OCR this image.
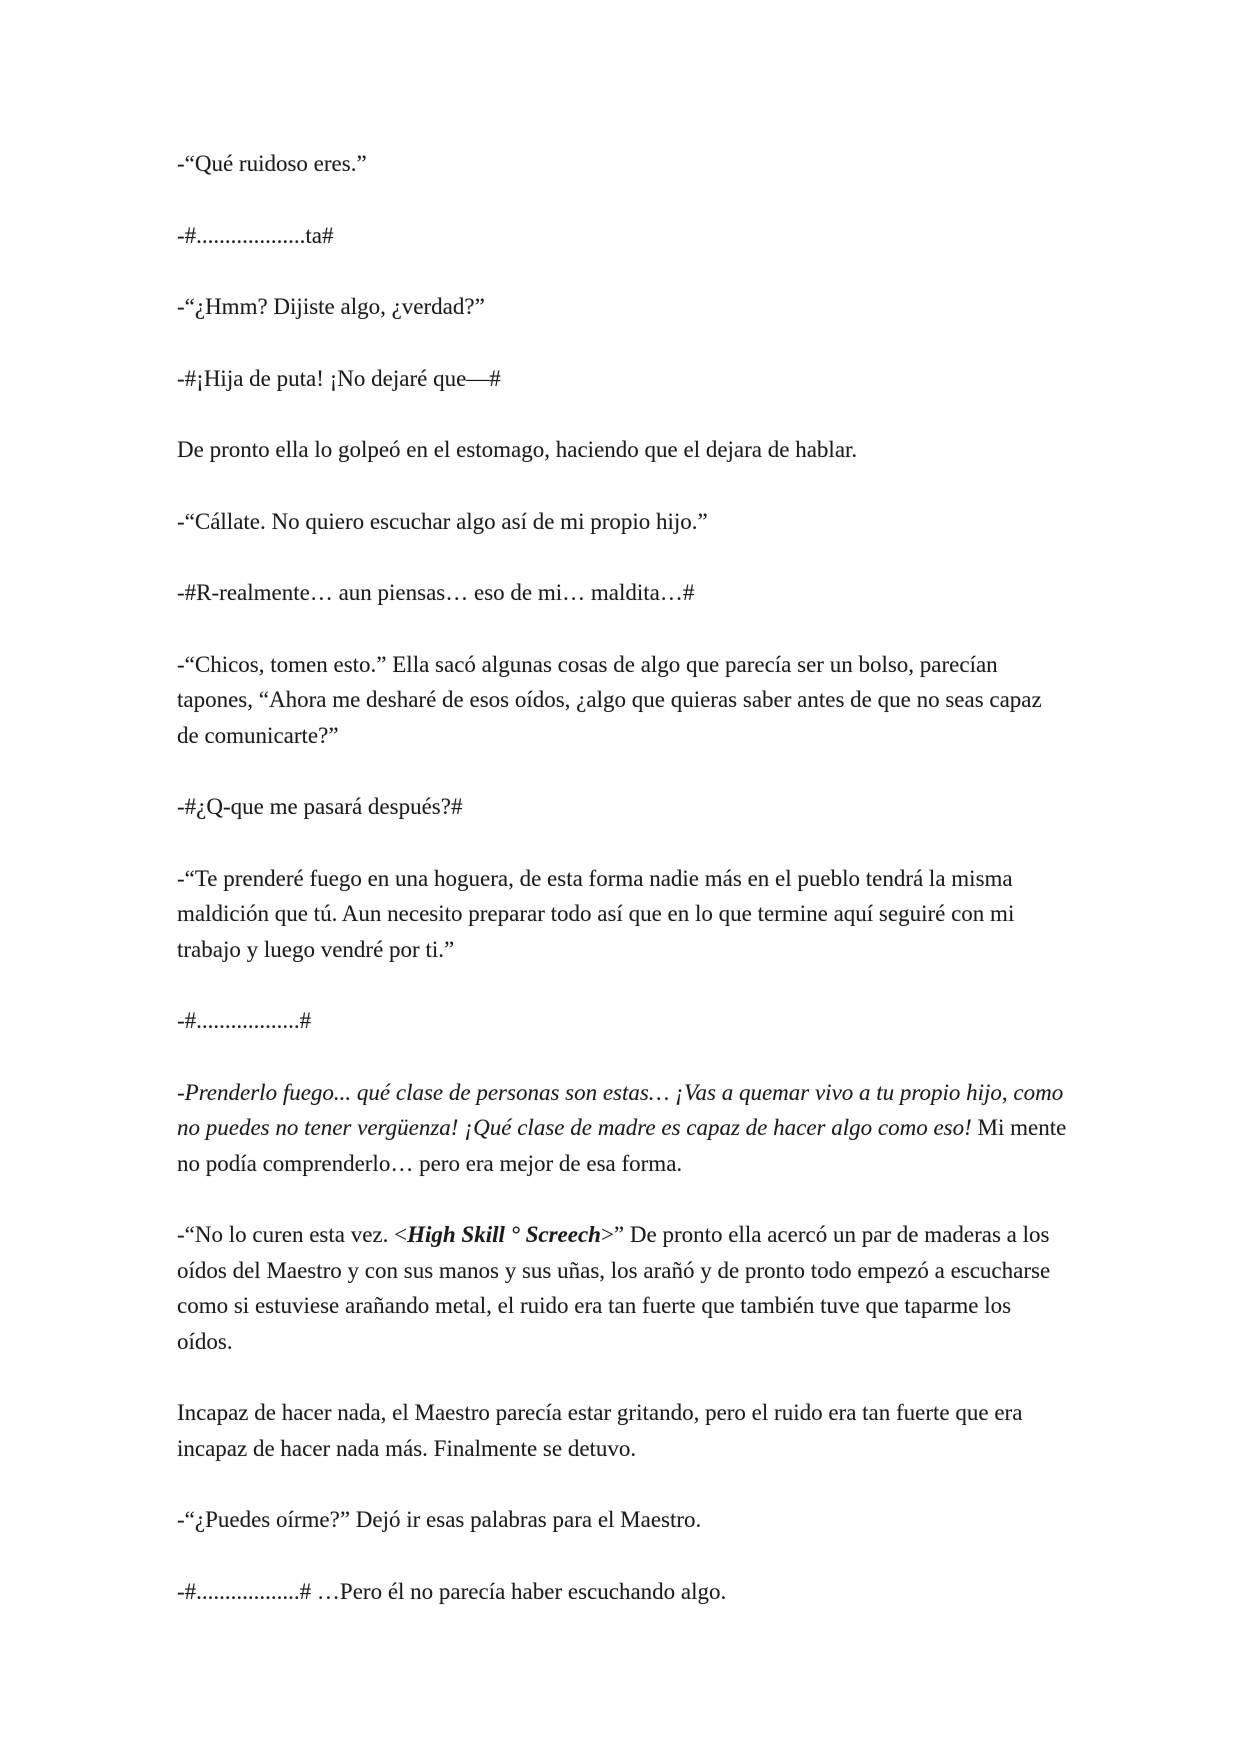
-“Qué ruidoso eres.”

-#...................ta#

-“¿Hmm? Dijiste algo, ¿verdad?”

-#¡Hija de puta! ¡No dejaré que—#

De pronto ella lo golpeó en el estomago, haciendo que el dejara de hablar.

-“Cállate. No quiero escuchar algo así de mi propio hijo.”

-#R-realmente… aun piensas… eso de mi… maldita…#

-“Chicos, tomen esto.” Ella sacó algunas cosas de algo que parecía ser un bolso, parecían tapones, “Ahora me desharé de esos oídos, ¿algo que quieras saber antes de que no seas capaz de comunicarte?”

-#¿Q-que me pasará después?#

-“Te prenderé fuego en una hoguera, de esta forma nadie más en el pueblo tendrá la misma maldición que tú. Aun necesito preparar todo así que en lo que termine aquí seguiré con mi trabajo y luego vendré por ti.”

-#..................#

-Prenderlo fuego... qué clase de personas son estas… ¡Vas a quemar vivo a tu propio hijo, como no puedes no tener vergüenza! ¡Qué clase de madre es capaz de hacer algo como eso! Mi mente no podía comprenderlo… pero era mejor de esa forma.

-“No lo curen esta vez. <High Skill ° Screech>” De pronto ella acercó un par de maderas a los oídos del Maestro y con sus manos y sus uñas, los arañó y de pronto todo empezó a escucharse como si estuviese arañando metal, el ruido era tan fuerte que también tuve que taparme los oídos.

Incapaz de hacer nada, el Maestro parecía estar gritando, pero el ruido era tan fuerte que era incapaz de hacer nada más. Finalmente se detuvo.

-“¿Puedes oírme?” Dejó ir esas palabras para el Maestro.

-#..................# …Pero él no parecía haber escuchando algo.
